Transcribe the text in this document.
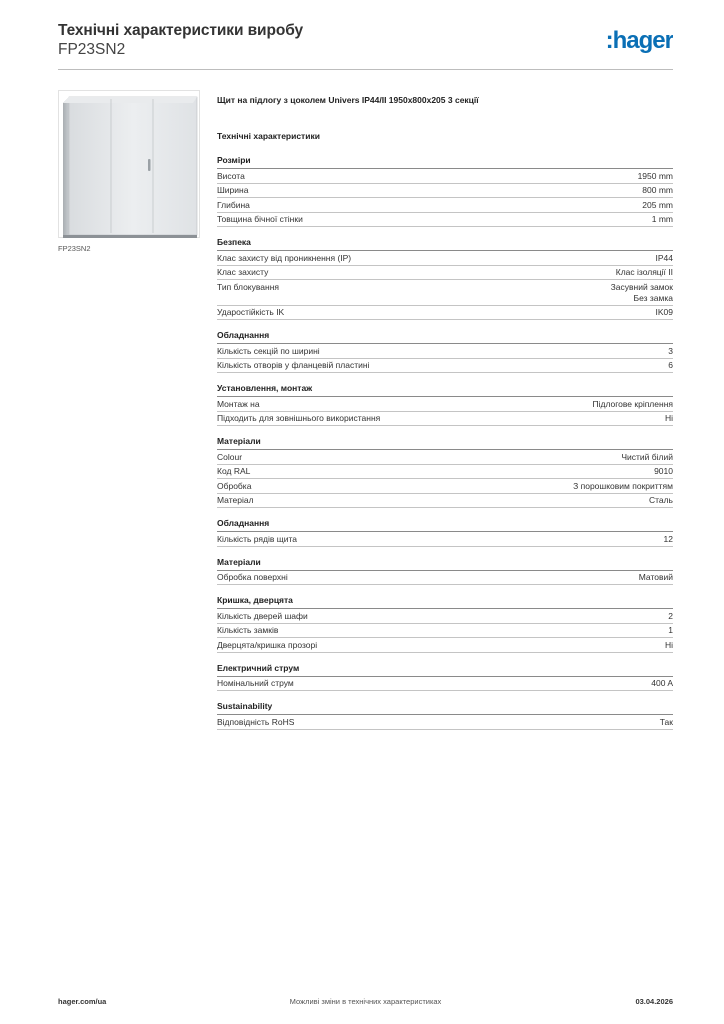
Технічні характеристики виробу
FP23SN2	:hager
FP23SN2
Щит на підлогу з цоколем Univers IP44/II 1950x800x205 3 секції
Технічні характеристики
Розміри
Висота	1950 mm
Ширина	800 mm
Глибина	205 mm
Товщина бічної стінки	1 mm
Безпека
Клас захисту від проникнення (IP)	IP44
Клас захисту	Клас ізоляції II
Тип блокування	Засувний замок
Без замка
Ударостійкість IK	IK09
Обладнання
Кількість секцій по ширині	3
Кількість отворів у фланцевій пластині	6
Установлення, монтаж
Монтаж на	Підлогове кріплення
Підходить для зовнішнього використання	Ні
Матеріали
Colour	Чистий білий
Код RAL	9010
Обробка	З порошковим покриттям
Матеріал	Сталь
Обладнання
Кількість рядів щита	12
Матеріали
Обробка поверхні	Матовий
Кришка, дверцята
Кількість дверей шафи	2
Кількість замків	1
Дверцята/кришка прозорі	Ні
Електричний струм
Номінальний струм	400 A
Sustainability
Відповідність RoHS	Так
Можливі зміни в технічних характеристиках
hager.com/ua	03.04.2026
